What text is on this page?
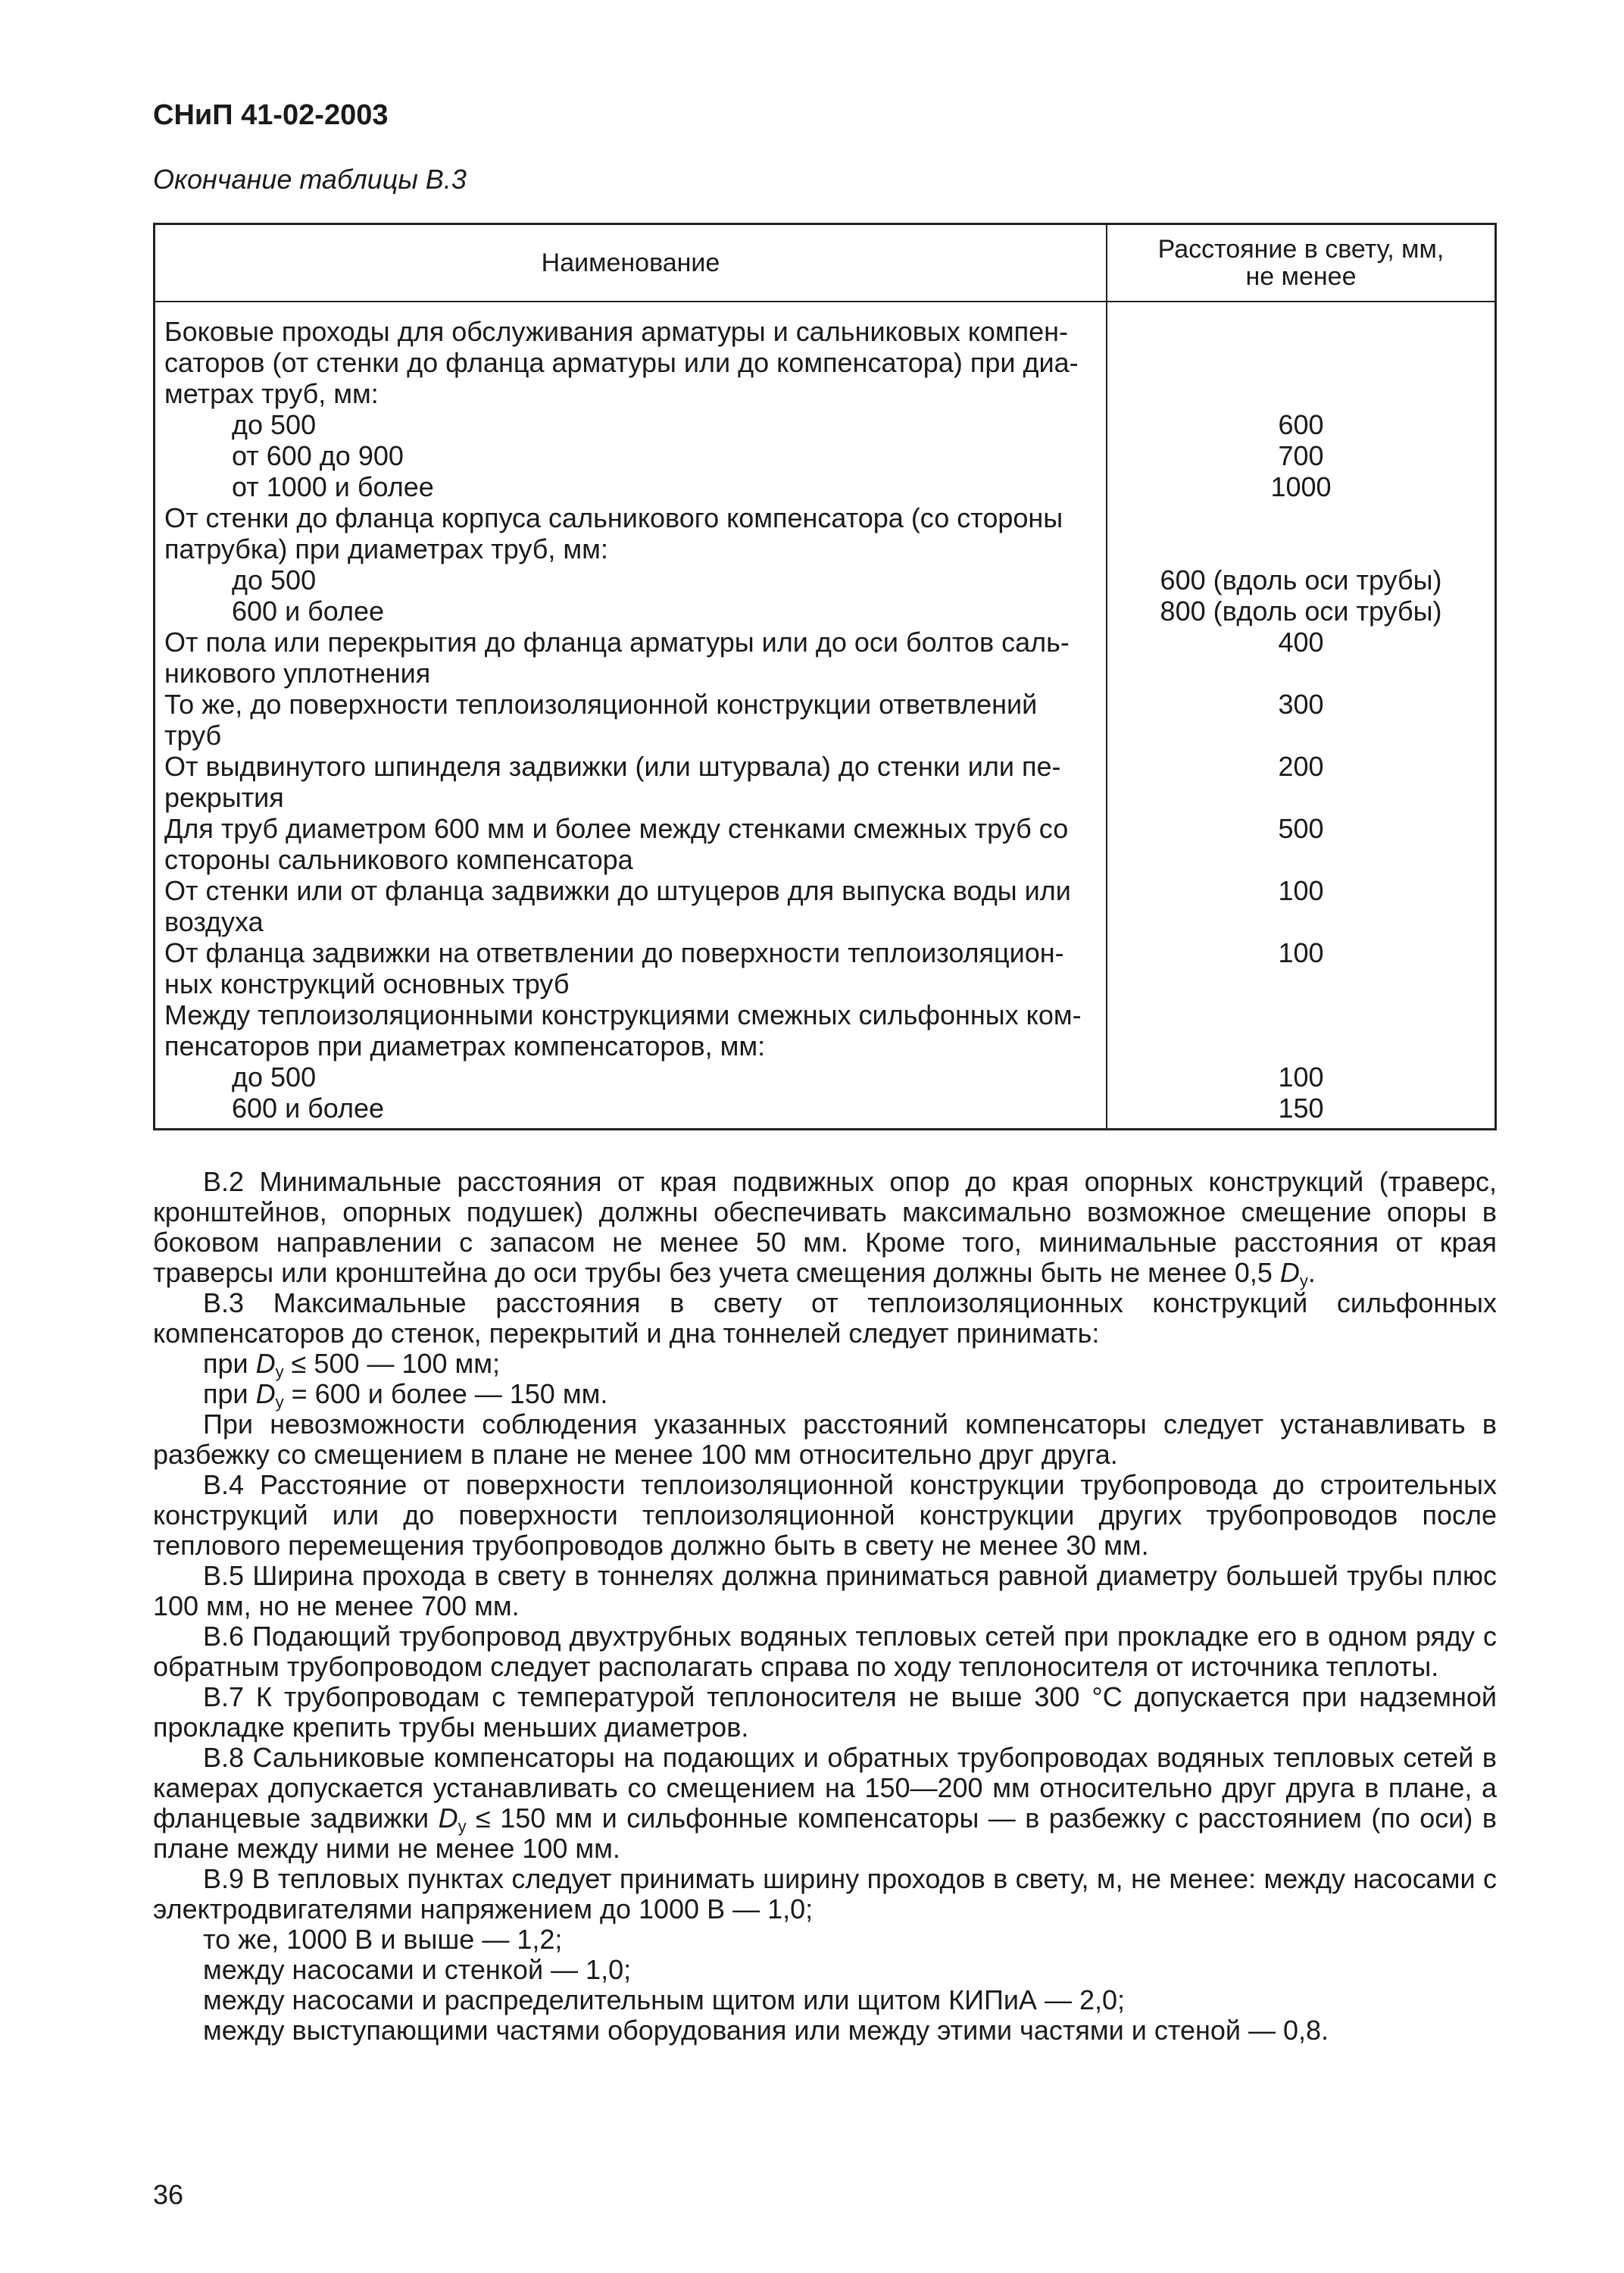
СНиП 41-02-2003
Окончание таблицы В.3
Наименование	Расстояние в свету, мм,
не менее
Боковые проходы для обслуживания арматуры и сальниковых компен-
саторов (от стенки до фланца арматуры или до компенсатора) при диа-
метрах труб, мм:
до 500	600
от 600 до 900	700
от 1000 и более	1000
От стенки до фланца корпуса сальникового компенсатора (со стороны
патрубка) при диаметрах труб, мм:
до 500	600 (вдоль оси трубы)
600 и более	800 (вдоль оси трубы)
От пола или перекрытия до фланца арматуры или до оси болтов саль-	400
никового уплотнения
То же, до поверхности теплоизоляционной конструкции ответвлений	300
труб
От выдвинутого шпинделя задвижки (или штурвала) до стенки или пе-	200
рекрытия
Для труб диаметром 600 мм и более между стенками смежных труб со	500
стороны сальникового компенсатора
От стенки или от фланца задвижки до штуцеров для выпуска воды или	100
воздуха
От фланца задвижки на ответвлении до поверхности теплоизоляцион-	100
ных конструкций основных труб
Между теплоизоляционными конструкциями смежных сильфонных ком-
пенсаторов при диаметрах компенсаторов, мм:
до 500	100
600 и более	150

В.2 Минимальные расстояния от края подвижных опор до края опорных конструкций (траверс, кронштейнов, опорных подушек) должны обеспечивать максимально возможное смещение опоры в боковом направлении с запасом не менее 50 мм. Кроме того, минимальные расстояния от края траверсы или кронштейна до оси трубы без учета смещения должны быть не менее 0,5 $D_у$.

В.3 Максимальные расстояния в свету от теплоизоляционных конструкций сильфонных компенсаторов до стенок, перекрытий и дна тоннелей следует принимать:

при $D_у \le 500$ — 100 мм;

при $D_у = 600$ и более — 150 мм.

При невозможности соблюдения указанных расстояний компенсаторы следует устанавливать в разбежку со смещением в плане не менее 100 мм относительно друг друга.

В.4 Расстояние от поверхности теплоизоляционной конструкции трубопровода до строительных конструкций или до поверхности теплоизоляционной конструкции других трубопроводов после теплового перемещения трубопроводов должно быть в свету не менее 30 мм.

В.5 Ширина прохода в свету в тоннелях должна приниматься равной диаметру большей трубы плюс 100 мм, но не менее 700 мм.

В.6 Подающий трубопровод двухтрубных водяных тепловых сетей при прокладке его в одном ряду с обратным трубопроводом следует располагать справа по ходу теплоносителя от источника теплоты.

В.7 К трубопроводам с температурой теплоносителя не выше 300 °С допускается при надземной прокладке крепить трубы меньших диаметров.

В.8 Сальниковые компенсаторы на подающих и обратных трубопроводах водяных тепловых сетей в камерах допускается устанавливать со смещением на 150—200 мм относительно друг друга в плане, а фланцевые задвижки $D_у \le 150$ мм и сильфонные компенсаторы — в разбежку с расстоянием (по оси) в плане между ними не менее 100 мм.

В.9 В тепловых пунктах следует принимать ширину проходов в свету, м, не менее: между насосами с электродвигателями напряжением до 1000 В — 1,0;

то же, 1000 В и выше — 1,2;

между насосами и стенкой — 1,0;

между насосами и распределительным щитом или щитом КИПиА — 2,0;

между выступающими частями оборудования или между этими частями и стеной — 0,8.

36
